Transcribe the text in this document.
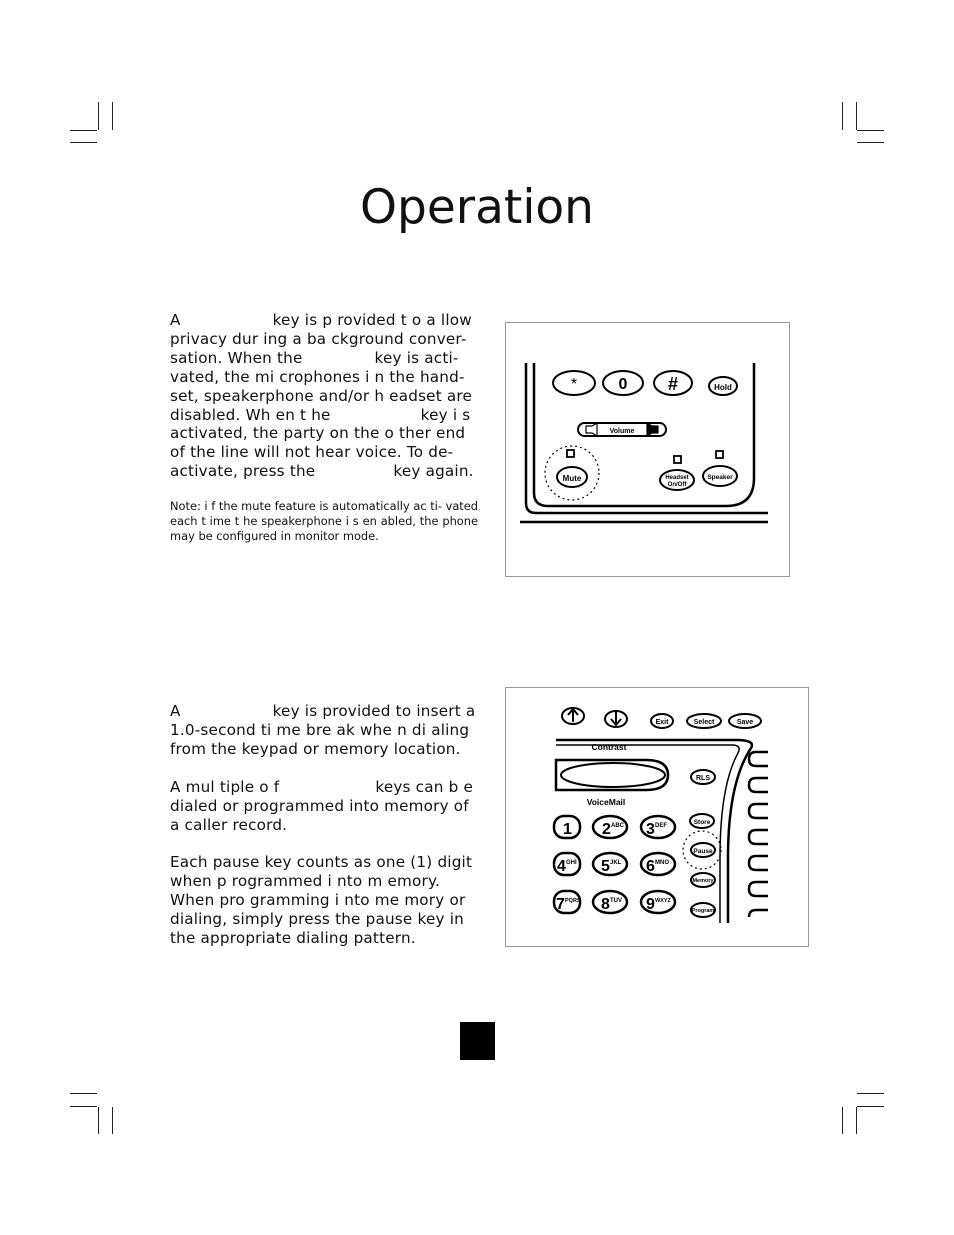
Operation
A	key is p rovided t o a llow
privacy dur ing a ba ckground conver-
sation. When the	key is acti-
vated, the mi crophones i n the hand-
set, speakerphone and/or h eadset are
disabled. Wh en t he	key i s
activated, the party on the o ther end
of the line will not hear voice. To de-
activate, press the	key again.
Note: i f the mute feature is automatically ac ti- vated each t ime t he speakerphone i s en abled, the phone may be configured in monitor mode.
*	0 #	Hold
Volume
Mute	Headset
On/Off
Speaker
A	key is provided to insert a
1.0-second ti me bre ak whe n di aling
from the keypad or memory location.
A mul tiple o f	keys can b e
dialed or programmed into memory of
a caller record.
Each pause key counts as one (1) digit
when p rogrammed i nto m emory.
When pro gramming i nto me mory or
dialing, simply press the pause key in
the appropriate dialing pattern.
Exit	Select	Save
Contrast
VoiceMail
RLS
Store
Pause
Memory
Program
1 2 ABC 3 DEF
4 GHI 5 JKL 6 MNO
7 PQRS 8 TUV 9 WXYZ
